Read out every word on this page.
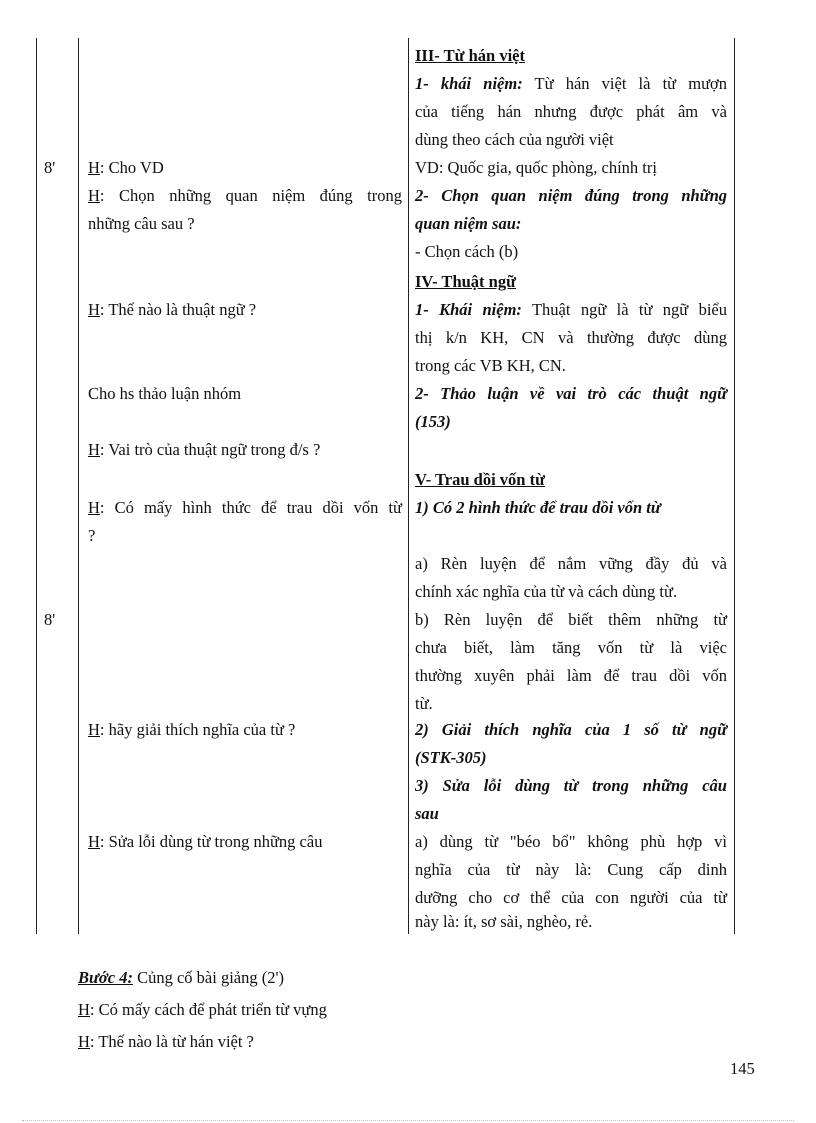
8'
8'
H: Cho VD
H: Chọn những quan niệm đúng trong
những câu sau ?
H: Thế nào là thuật ngữ ?
Cho hs thảo luận nhóm
H: Vai trò của thuật ngữ trong đ/s ?
H: Có mấy hình thức để trau dồi vốn từ
?
H: hãy giải thích nghĩa của từ ?
H: Sửa lỗi dùng từ trong những câu
III- Từ hán việt
1- khái niệm: Từ hán việt là từ mượn
của tiếng hán nhưng được phát âm và
dùng theo cách của người việt
VD: Quốc gia, quốc phòng, chính trị
2- Chọn quan niệm đúng trong những
quan niệm sau:
- Chọn cách (b)
IV- Thuật ngữ
1- Khái niệm: Thuật ngữ là từ ngữ biểu
thị k/n KH, CN và thường được dùng
trong các VB KH, CN.
2- Thảo luận về vai trò các thuật ngữ
(153)
V- Trau dồi vốn từ
1) Có 2 hình thức để trau dồi vốn từ
a) Rèn luyện để nắm vững đầy đủ và
chính xác nghĩa của từ và cách dùng từ.
b) Rèn luyện để biết thêm những từ
chưa biết, làm tăng vốn từ là việc
thường xuyên phải làm để trau dồi vốn
từ.
2) Giải thích nghĩa của 1 số từ ngữ
(STK-305)
3) Sửa lỗi dùng từ trong những câu
sau
a) dùng từ "béo bổ" không phù hợp vì
nghĩa của từ này là: Cung cấp dinh
dưỡng cho cơ thể của con người của từ
này là: ít, sơ sài, nghèo, rẻ.
Bước 4: Củng cố bài giảng (2')
H: Có mấy cách để phát triển từ vựng
H: Thế nào là từ hán việt ?
145
